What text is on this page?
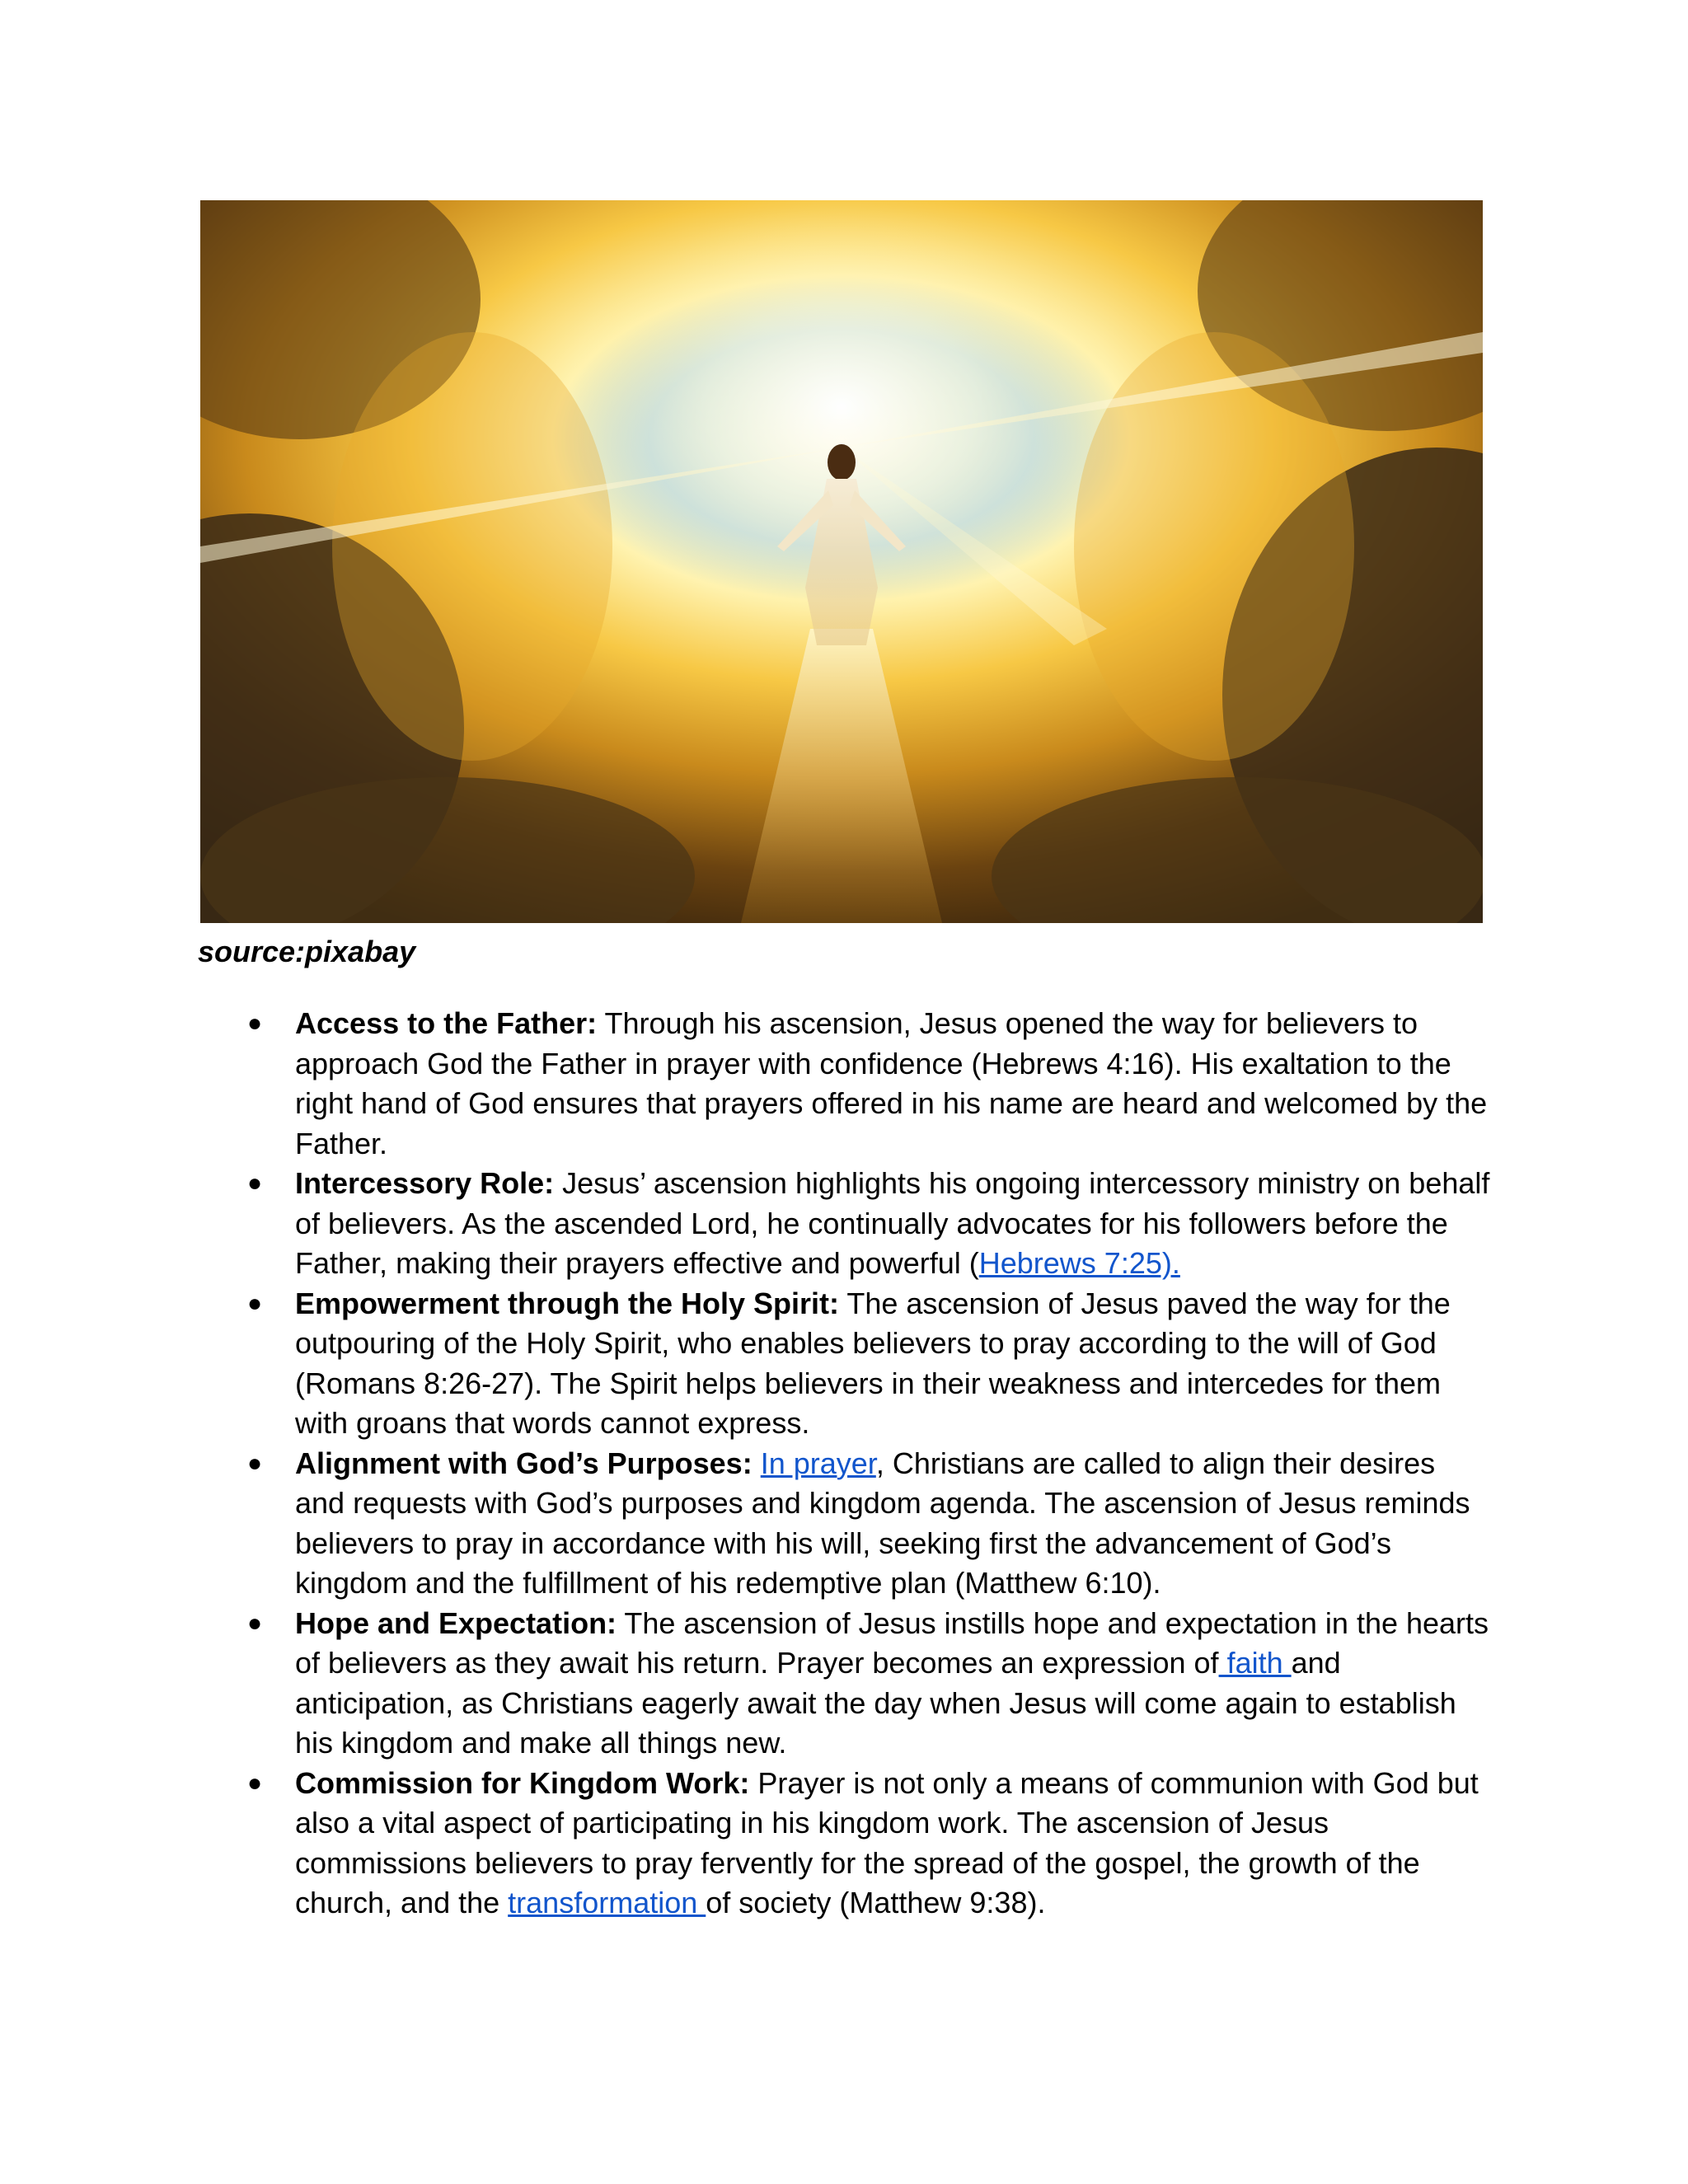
source:pixabay
●	Access to the Father: Through his ascension, Jesus opened the way for believers to approach God the Father in prayer with confidence (Hebrews 4:16). His exaltation to the right hand of God ensures that prayers offered in his name are heard and welcomed by the Father.
●	Intercessory Role: Jesus’ ascension highlights his ongoing intercessory ministry on behalf of believers. As the ascended Lord, he continually advocates for his followers before the Father, making their prayers effective and powerful (Hebrews 7:25).
●	Empowerment through the Holy Spirit: The ascension of Jesus paved the way for the outpouring of the Holy Spirit, who enables believers to pray according to the will of God (Romans 8:26-27). The Spirit helps believers in their weakness and intercedes for them with groans that words cannot express.
●	Alignment with God’s Purposes: In prayer, Christians are called to align their desires and requests with God’s purposes and kingdom agenda. The ascension of Jesus reminds believers to pray in accordance with his will, seeking first the advancement of God’s kingdom and the fulfillment of his redemptive plan (Matthew 6:10).
●	Hope and Expectation: The ascension of Jesus instills hope and expectation in the hearts of believers as they await his return. Prayer becomes an expression of faith and anticipation, as Christians eagerly await the day when Jesus will come again to establish his kingdom and make all things new.
●	Commission for Kingdom Work: Prayer is not only a means of communion with God but also a vital aspect of participating in his kingdom work. The ascension of Jesus commissions believers to pray fervently for the spread of the gospel, the growth of the church, and the transformation of society (Matthew 9:38).
